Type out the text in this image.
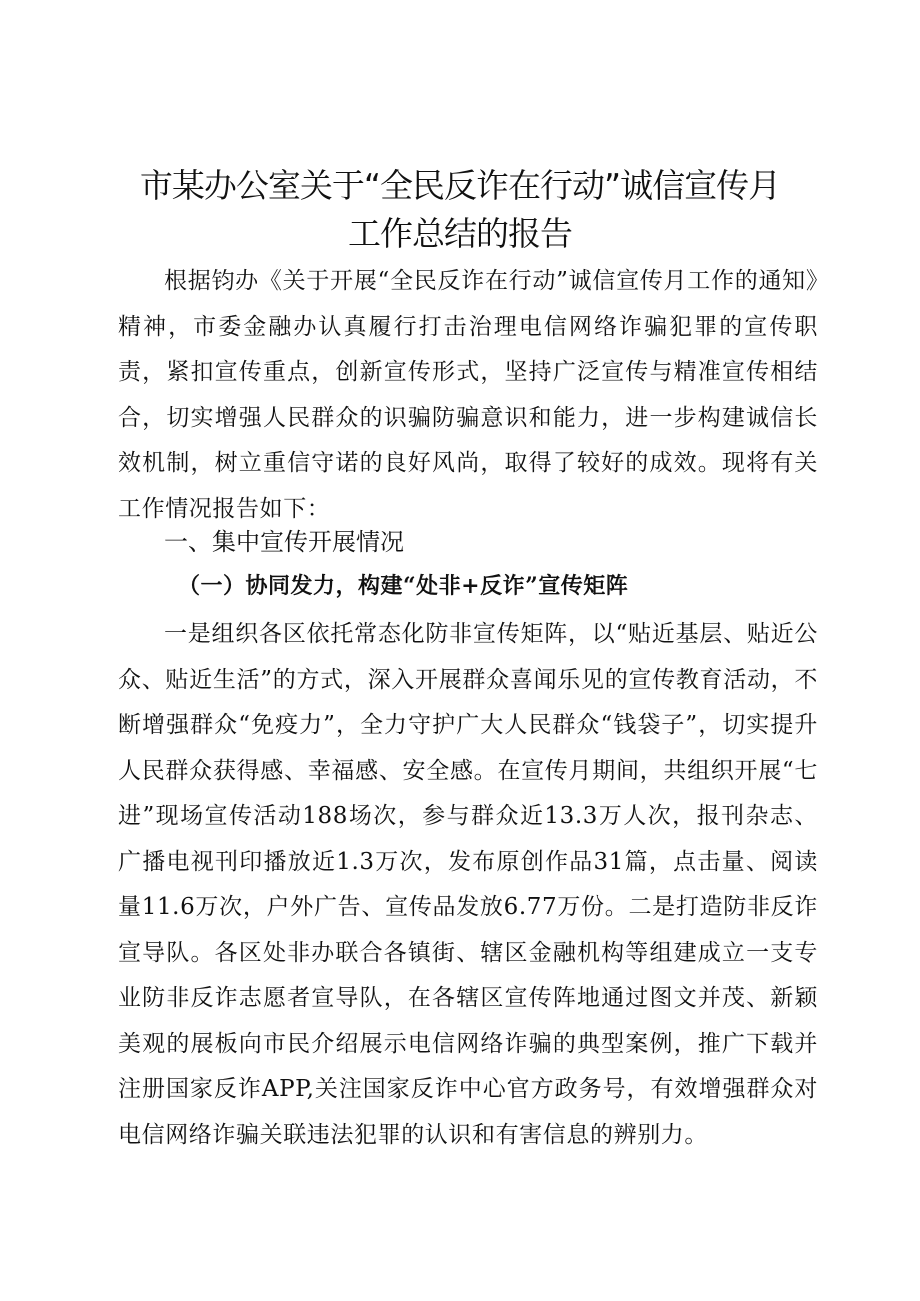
市某办公室关于“全民反诈在行动”诚信宣传月
工作总结的报告

根据钧办《关于开展“全民反诈在行动”诚信宣传月工作的通知》精神，市委金融办认真履行打击治理电信网络诈骗犯罪的宣传职责，紧扣宣传重点，创新宣传形式，坚持广泛宣传与精准宣传相结合，切实增强人民群众的识骗防骗意识和能力，进一步构建诚信长效机制，树立重信守诺的良好风尚，取得了较好的成效。现将有关工作情况报告如下：

一、集中宣传开展情况
（一）协同发力，构建“处非+反诈”宣传矩阵

一是组织各区依托常态化防非宣传矩阵，以“贴近基层、贴近公众、贴近生活”的方式，深入开展群众喜闻乐见的宣传教育活动，不断增强群众“免疫力”，全力守护广大人民群众“钱袋子”，切实提升人民群众获得感、幸福感、安全感。在宣传月期间，共组织开展“七进”现场宣传活动188场次，参与群众近13.3万人次，报刊杂志、广播电视刊印播放近1.3万次，发布原创作品31篇，点击量、阅读量11.6万次，户外广告、宣传品发放6.77万份。二是打造防非反诈宣导队。各区处非办联合各镇街、辖区金融机构等组建成立一支专业防非反诈志愿者宣导队，在各辖区宣传阵地通过图文并茂、新颖美观的展板向市民介绍展示电信网络诈骗的典型案例，推广下载并注册国家反诈APP,关注国家反诈中心官方政务号，有效增强群众对电信网络诈骗关联违法犯罪的认识和有害信息的辨别力。
